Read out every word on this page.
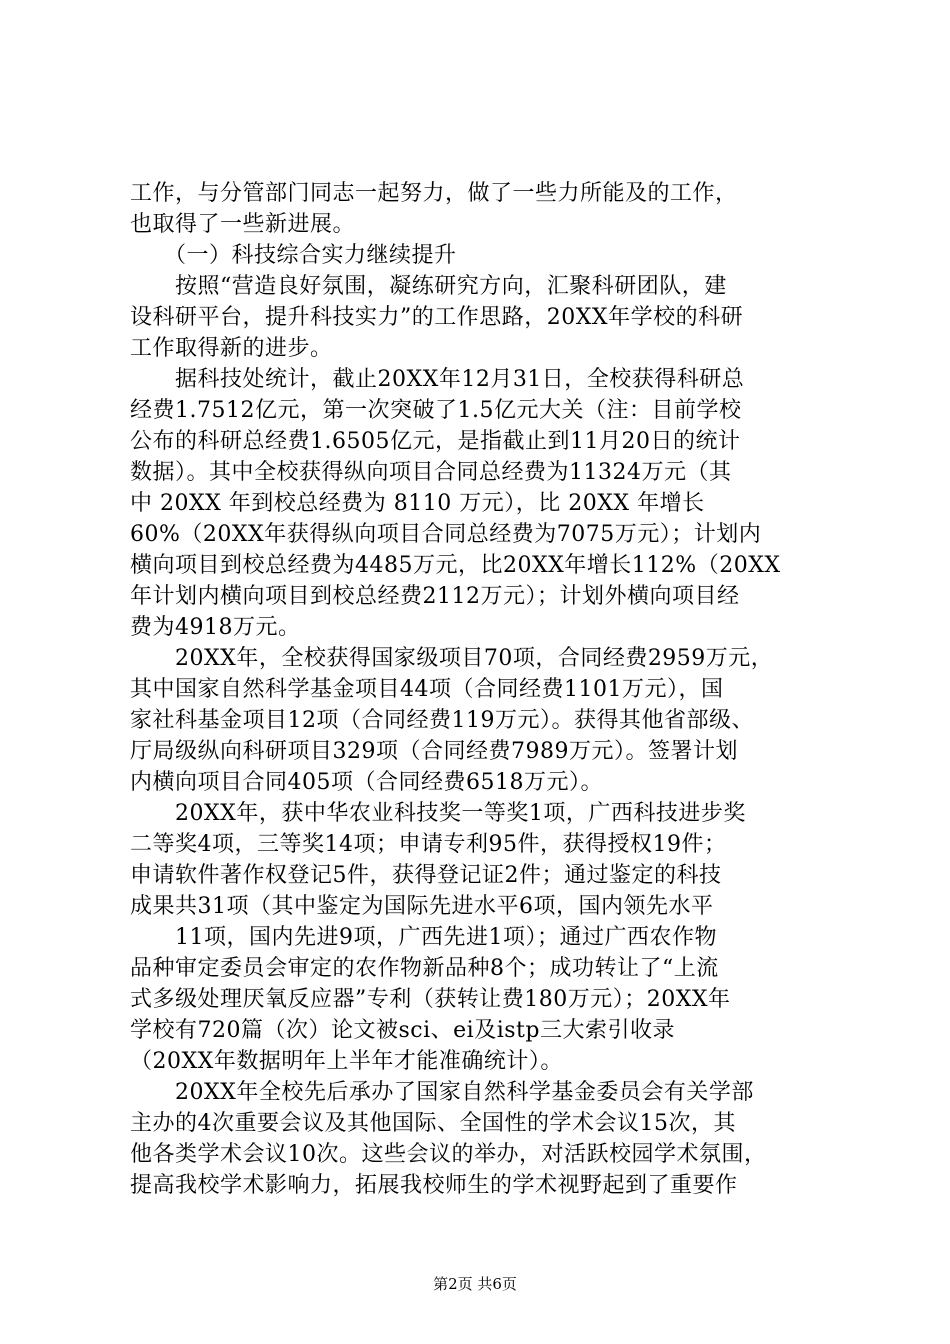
工作，与分管部门同志一起努力，做了一些力所能及的工作，
也取得了一些新进展。
　　（一）科技综合实力继续提升
　　按照“营造良好氛围，凝练研究方向，汇聚科研团队，建
设科研平台，提升科技实力”的工作思路，20XX年学校的科研
工作取得新的进步。
　　据科技处统计，截止20XX年12月31日，全校获得科研总
经费1.7512亿元，第一次突破了1.5亿元大关（注：目前学校
公布的科研总经费1.6505亿元，是指截止到11月20日的统计
数据）。其中全校获得纵向项目合同总经费为11324万元（其
中 20XX 年到校总经费为 8110 万元），比 20XX 年增长
60%（20XX年获得纵向项目合同总经费为7075万元）；计划内
横向项目到校总经费为4485万元，比20XX年增长112%（20XX
年计划内横向项目到校总经费2112万元）；计划外横向项目经
费为4918万元。
　　20XX年，全校获得国家级项目70项，合同经费2959万元，
其中国家自然科学基金项目44项（合同经费1101万元），国
家社科基金项目12项（合同经费119万元）。获得其他省部级、
厅局级纵向科研项目329项（合同经费7989万元）。签署计划
内横向项目合同405项（合同经费6518万元）。
　　20XX年，获中华农业科技奖一等奖1项，广西科技进步奖
二等奖4项，三等奖14项；申请专利95件，获得授权19件；
申请软件著作权登记5件，获得登记证2件；通过鉴定的科技
成果共31项（其中鉴定为国际先进水平6项，国内领先水平
　　11项，国内先进9项，广西先进1项）；通过广西农作物
品种审定委员会审定的农作物新品种8个；成功转让了“上流
式多级处理厌氧反应器”专利（获转让费180万元）；20XX年
学校有720篇（次）论文被sci、ei及istp三大索引收录
（20XX年数据明年上半年才能准确统计）。
　　20XX年全校先后承办了国家自然科学基金委员会有关学部
主办的4次重要会议及其他国际、全国性的学术会议15次，其
他各类学术会议10次。这些会议的举办，对活跃校园学术氛围，
提高我校学术影响力，拓展我校师生的学术视野起到了重要作
第2页 共6页
